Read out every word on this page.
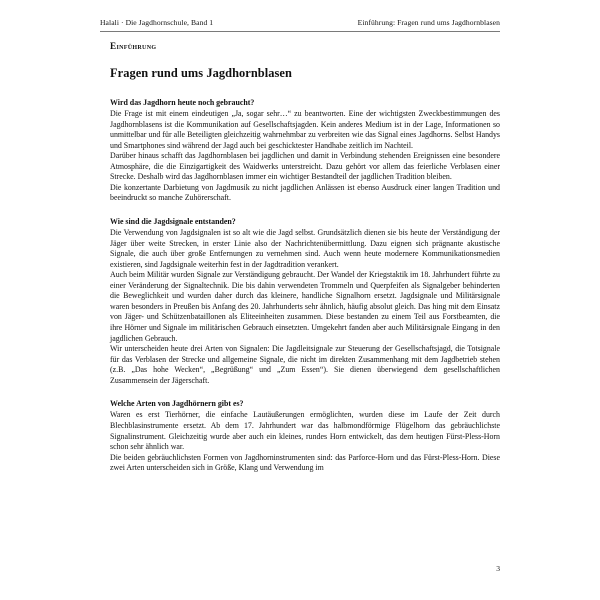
Halali · Die Jagdhornschule, Band 1	Einführung: Fragen rund ums Jagdhornblasen
Einführung
Fragen rund ums Jagdhornblasen
Wird das Jagdhorn heute noch gebraucht?

Die Frage ist mit einem eindeutigen „Ja, sogar sehr…“ zu beantworten. Eine der wichtigsten Zweckbestimmungen des Jagdhornblasens ist die Kommunikation auf Gesellschaftsjagden. Kein anderes Medium ist in der Lage, Informationen so unmittelbar und für alle Beteiligten gleichzeitig wahrnehmbar zu verbreiten wie das Signal eines Jagdhorns. Selbst Handys und Smartphones sind während der Jagd auch bei geschicktester Handhabe zeitlich im Nachteil.

Darüber hinaus schafft das Jagdhornblasen bei jagdlichen und damit in Verbindung stehenden Ereignissen eine besondere Atmosphäre, die die Einzigartigkeit des Waidwerks unterstreicht. Dazu gehört vor allem das feierliche Verblasen einer Strecke. Deshalb wird das Jagdhornblasen immer ein wichtiger Bestandteil der jagdlichen Tradition bleiben.

Die konzertante Darbietung von Jagdmusik zu nicht jagdlichen Anlässen ist ebenso Ausdruck einer langen Tradition und beeindruckt so manche Zuhörerschaft.

Wie sind die Jagdsignale entstanden?

Die Verwendung von Jagdsignalen ist so alt wie die Jagd selbst. Grundsätzlich dienen sie bis heute der Verständigung der Jäger über weite Strecken, in erster Linie also der Nachrichtenübermittlung. Dazu eignen sich prägnante akustische Signale, die auch über große Entfernungen zu vernehmen sind. Auch wenn heute modernere Kommunikationsmedien existieren, sind Jagdsignale weiterhin fest in der Jagdtradition verankert.

Auch beim Militär wurden Signale zur Verständigung gebraucht. Der Wandel der Kriegstaktik im 18. Jahrhundert führte zu einer Veränderung der Signaltechnik. Die bis dahin verwendeten Trommeln und Querpfeifen als Signalgeber behinderten die Beweglichkeit und wurden daher durch das kleinere, handliche Signalhorn ersetzt. Jagdsignale und Militärsignale waren besonders in Preußen bis Anfang des 20. Jahrhunderts sehr ähnlich, häufig absolut gleich. Das hing mit dem Einsatz von Jäger- und Schützenbataillonen als Eliteeinheiten zusammen. Diese bestanden zu einem Teil aus Forstbeamten, die ihre Hörner und Signale im militärischen Gebrauch einsetzten. Umgekehrt fanden aber auch Militärsignale Eingang in den jagdlichen Gebrauch.

Wir unterscheiden heute drei Arten von Signalen: Die Jagdleitsignale zur Steuerung der Gesellschaftsjagd, die Totsignale für das Verblasen der Strecke und allgemeine Signale, die nicht im direkten Zusammenhang mit dem Jagdbetrieb stehen (z.B. „Das hohe Wecken“, „Begrüßung“ und „Zum Essen“). Sie dienen überwiegend dem gesellschaftlichen Zusammensein der Jägerschaft.

Welche Arten von Jagdhörnern gibt es?

Waren es erst Tierhörner, die einfache Lautäußerungen ermöglichten, wurden diese im Laufe der Zeit durch Blechblasinstrumente ersetzt. Ab dem 17. Jahrhundert war das halbmondförmige Flügelhorn das gebräuchlichste Signalinstrument. Gleichzeitig wurde aber auch ein kleines, rundes Horn entwickelt, das dem heutigen Fürst-Pless-Horn schon sehr ähnlich war.

Die beiden gebräuchlichsten Formen von Jagdhorninstrumenten sind: das Parforce-Horn und das Fürst-Pless-Horn. Diese zwei Arten unterscheiden sich in Größe, Klang und Verwendung im

3
